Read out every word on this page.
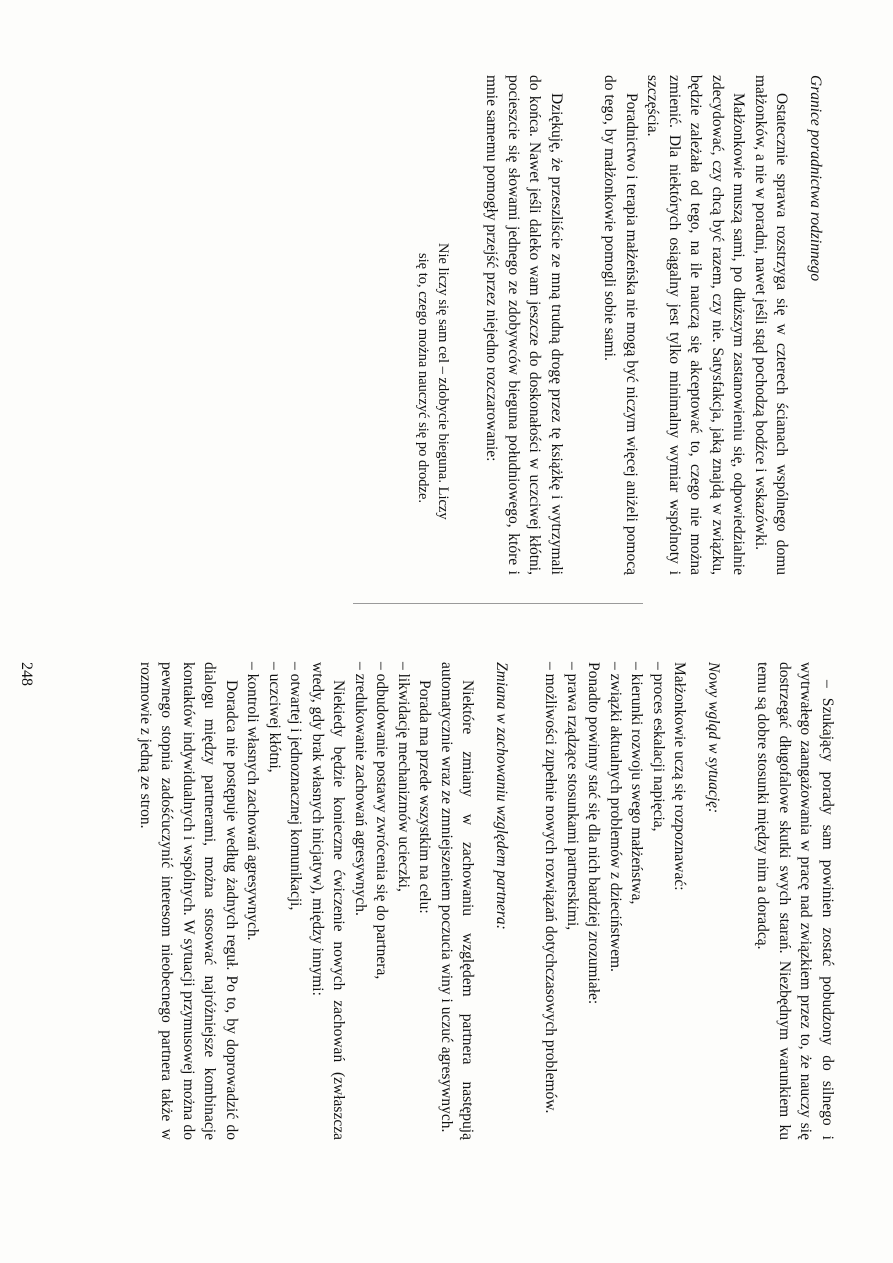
Granice poradnictwa rodzinnego

Ostatecznie sprawa rozstrzyga się w czterech ścianach wspólnego domu małżonków, a nie w poradni, nawet jeśli stąd pochodzą bodźce i wskazówki.

Małżonkowie muszą sami, po dłuższym zastanowieniu się, odpowiedzialnie zdecydować, czy chcą być razem, czy nie. Satysfakcja, jaką znajdą w związku, będzie zależała od tego, na ile nauczą się akceptować to, czego nie można zmienić. Dla niektórych osiągalny jest tylko minimalny wymiar wspólnoty i szczęścia.

Poradnictwo i terapia małżeńska nie mogą być niczym więcej aniżeli pomocą do tego, by małżonkowie pomogli sobie sami.

Dziękuję, że przeszliście ze mną trudną drogę przez tę książkę i wytrzymali do końca. Nawet jeśli daleko wam jeszcze do doskonałości w uczciwej kłótni, pocieszcie się słowami jednego ze zdobywców bieguna południowego, które i mnie samemu pomogły przejść przez niejedno rozczarowanie:

Nie liczy się sam cel – zdobycie bieguna. Liczy
się to, czego można nauczyć się po drodze.

– Szukający porady sam powinien zostać pobudzony do silnego i wytrwałego zaangażowania w pracę nad związkiem przez to, że nauczy się dostrzegać długofalowe skutki swych starań. Niezbędnym warunkiem ku temu są dobre stosunki między nim a doradcą.

Nowy wgląd w sytuację:

Małżonkowie uczą się rozpoznawać:

– proces eskalacji napięcia,

– kierunki rozwoju swego małżeństwa,

– związki aktualnych problemów z dzieciństwem.

Ponadto powinny stać się dla nich bardziej zrozumiałe:

– prawa rządzące stosunkami partnerskimi,

– możliwości zupełnie nowych rozwiązań dotychczasowych problemów.

Zmiana w zachowaniu względem partnera:

Niektóre zmiany w zachowaniu względem partnera następują automatycznie wraz ze zmniejszeniem poczucia winy i uczuć agresywnych.

Porada ma przede wszystkim na celu:

– likwidację mechanizmów ucieczki,

– odbudowanie postawy zwrócenia się do partnera,

– zredukowanie zachowań agresywnych.

Niekiedy będzie konieczne ćwiczenie nowych zachowań (zwłaszcza wtedy, gdy brak własnych inicjatyw), między innymi:

– otwartej i jednoznacznej komunikacji,

– uczciwej kłótni,

– kontroli własnych zachowań agresywnych.

Doradca nie postępuje według żadnych reguł. Po to, by doprowadzić do dialogu między partnerami, można stosować najróżniejsze kombinacje kontaktów indywidualnych i wspólnych. W sytuacji przymusowej można do pewnego stopnia zadośćuczynić interesom nieobecnego partnera także w rozmowie z jedną ze stron.

248
